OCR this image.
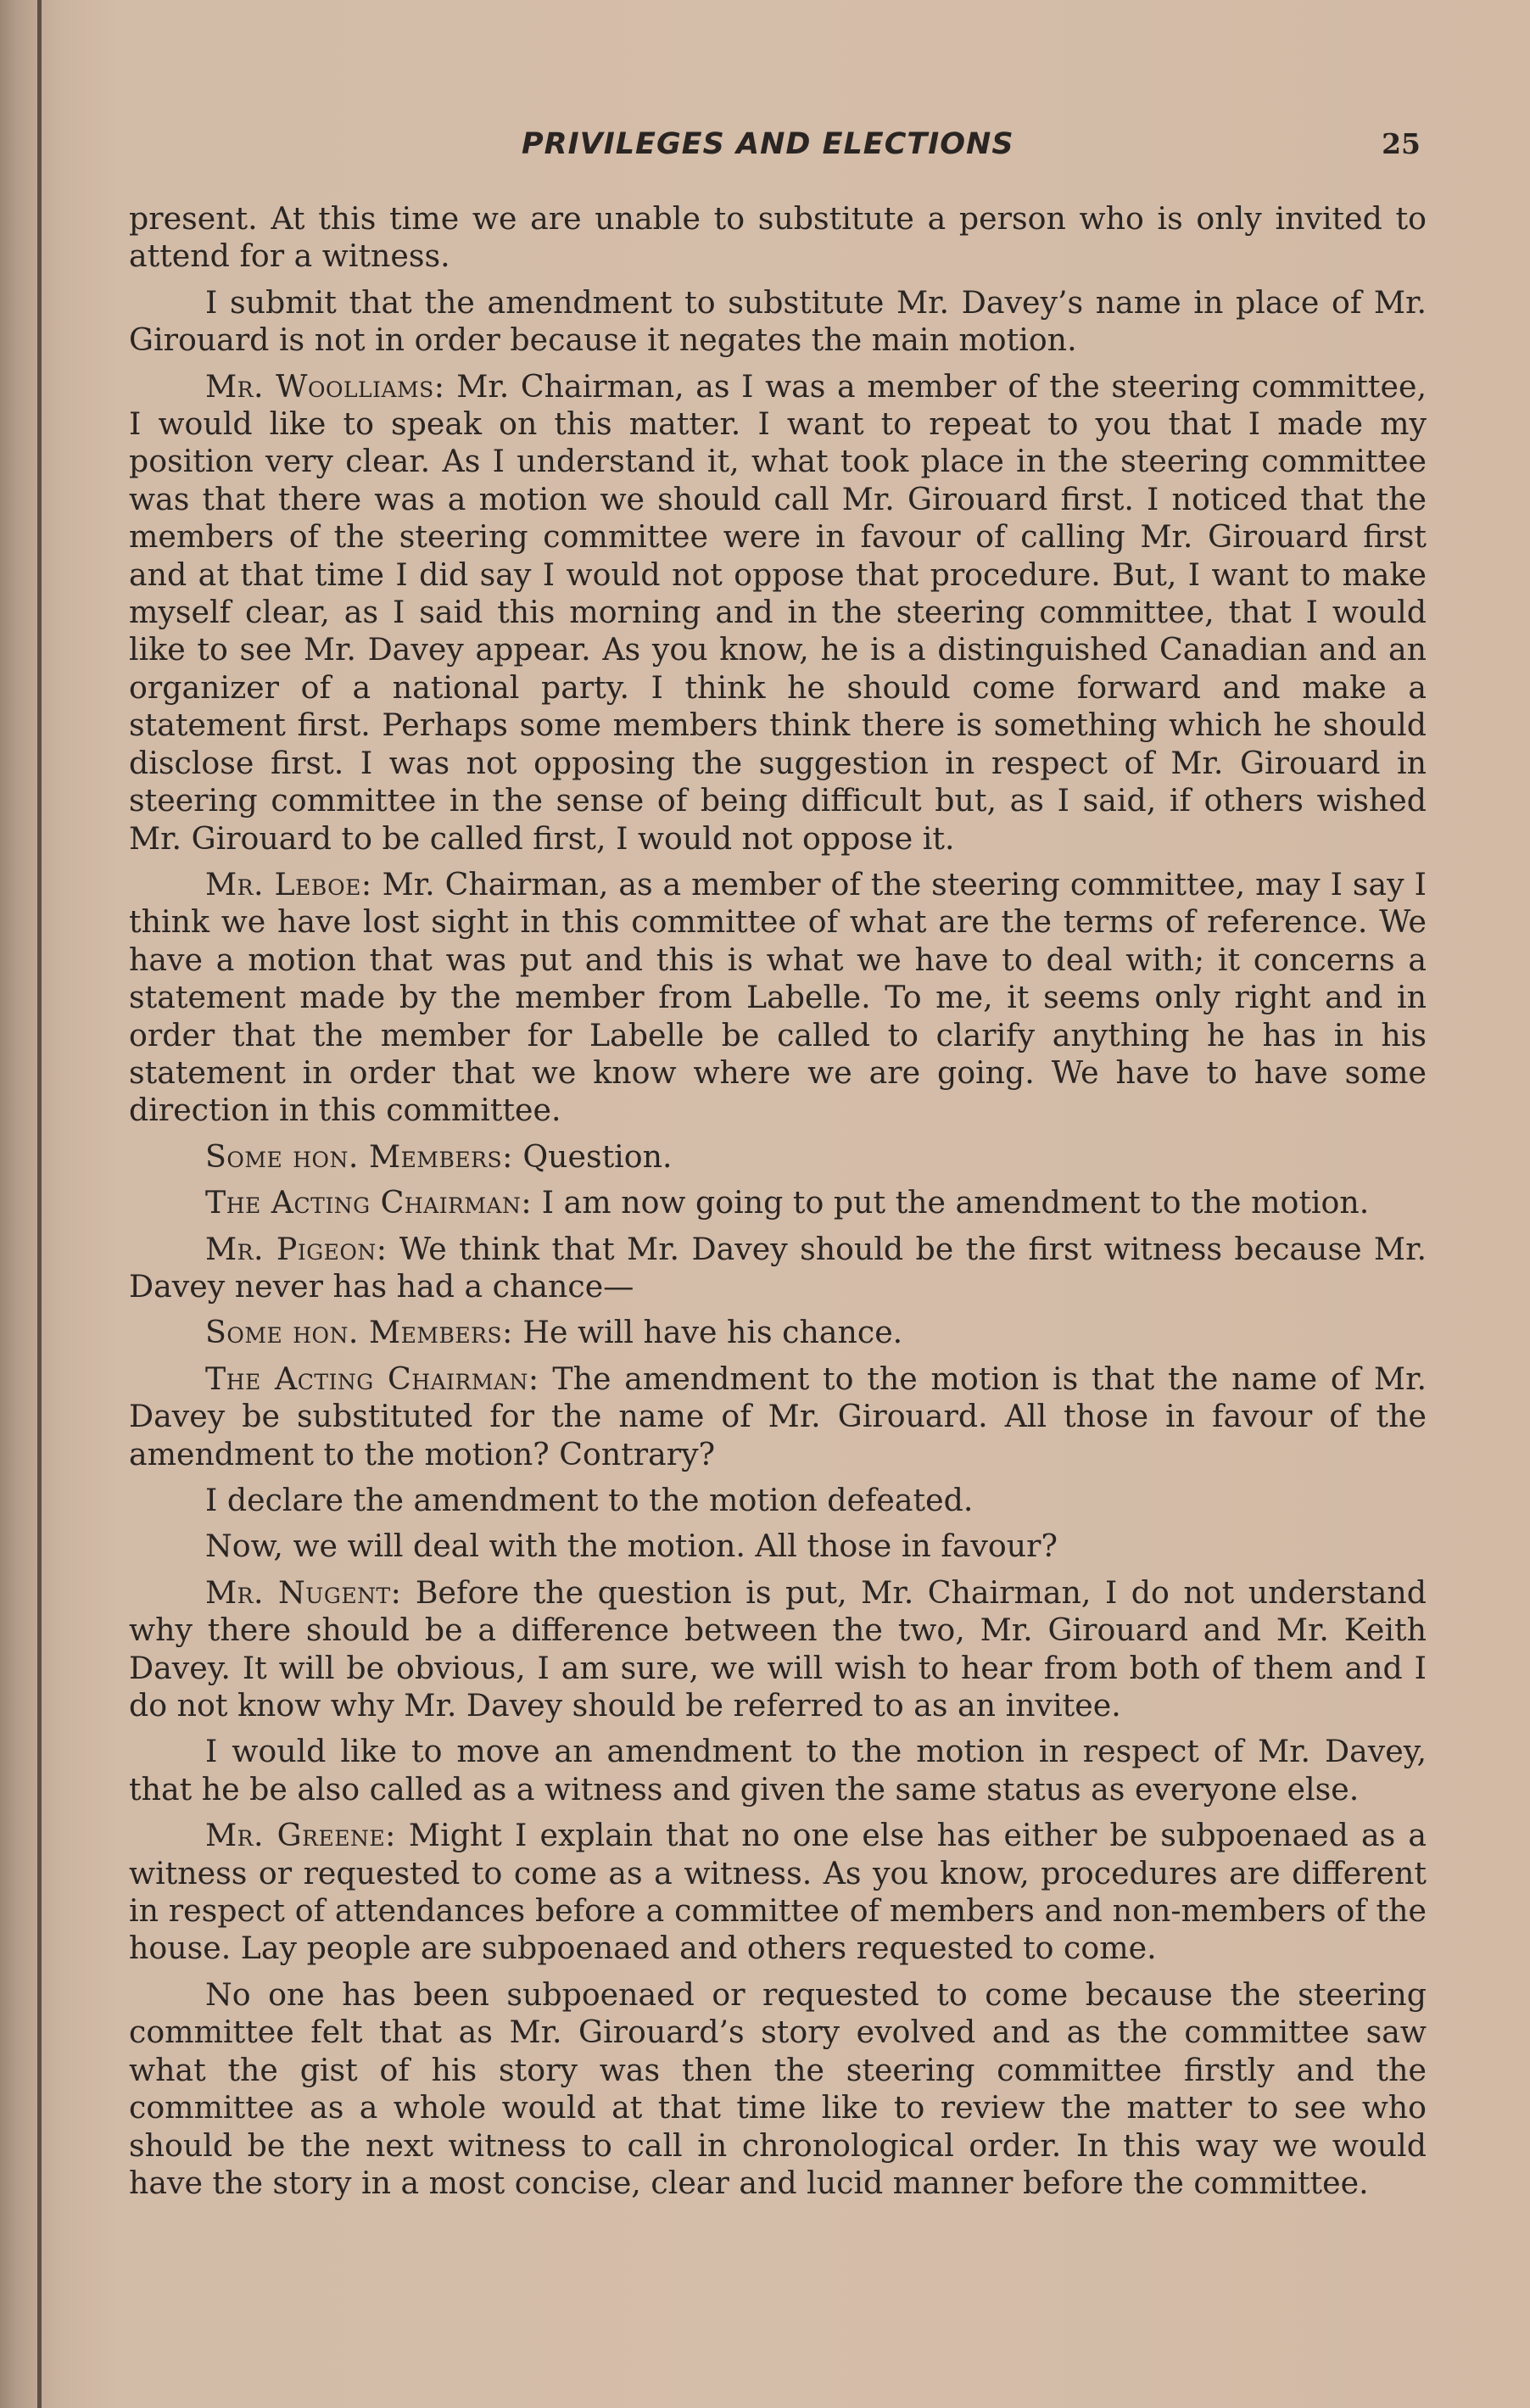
PRIVILEGES AND ELECTIONS	25

present. At this time we are unable to substitute a person who is only invited to attend for a witness.

I submit that the amendment to substitute Mr. Davey’s name in place of Mr. Girouard is not in order because it negates the main motion.

Mr. Woolliams: Mr. Chairman, as I was a member of the steering committee, I would like to speak on this matter. I want to repeat to you that I made my position very clear. As I understand it, what took place in the steering committee was that there was a motion we should call Mr. Girouard first. I noticed that the members of the steering committee were in favour of calling Mr. Girouard first and at that time I did say I would not oppose that procedure. But, I want to make myself clear, as I said this morning and in the steering committee, that I would like to see Mr. Davey appear. As you know, he is a distinguished Canadian and an organizer of a national party. I think he should come forward and make a statement first. Perhaps some members think there is something which he should disclose first. I was not opposing the suggestion in respect of Mr. Girouard in steering committee in the sense of being difficult but, as I said, if others wished Mr. Girouard to be called first, I would not oppose it.

Mr. Leboe: Mr. Chairman, as a member of the steering committee, may I say I think we have lost sight in this committee of what are the terms of reference. We have a motion that was put and this is what we have to deal with; it concerns a statement made by the member from Labelle. To me, it seems only right and in order that the member for Labelle be called to clarify anything he has in his statement in order that we know where we are going. We have to have some direction in this committee.

Some hon. Members: Question.

The Acting Chairman: I am now going to put the amendment to the motion.

Mr. Pigeon: We think that Mr. Davey should be the first witness because Mr. Davey never has had a chance—

Some hon. Members: He will have his chance.

The Acting Chairman: The amendment to the motion is that the name of Mr. Davey be substituted for the name of Mr. Girouard. All those in favour of the amendment to the motion? Contrary?

I declare the amendment to the motion defeated.

Now, we will deal with the motion. All those in favour?

Mr. Nugent: Before the question is put, Mr. Chairman, I do not understand why there should be a difference between the two, Mr. Girouard and Mr. Keith Davey. It will be obvious, I am sure, we will wish to hear from both of them and I do not know why Mr. Davey should be referred to as an invitee.

I would like to move an amendment to the motion in respect of Mr. Davey, that he be also called as a witness and given the same status as everyone else.

Mr. Greene: Might I explain that no one else has either be subpoenaed as a witness or requested to come as a witness. As you know, procedures are different in respect of attendances before a committee of members and non-members of the house. Lay people are subpoenaed and others requested to come.

No one has been subpoenaed or requested to come because the steering committee felt that as Mr. Girouard’s story evolved and as the committee saw what the gist of his story was then the steering committee firstly and the committee as a whole would at that time like to review the matter to see who should be the next witness to call in chronological order. In this way we would have the story in a most concise, clear and lucid manner before the committee.
